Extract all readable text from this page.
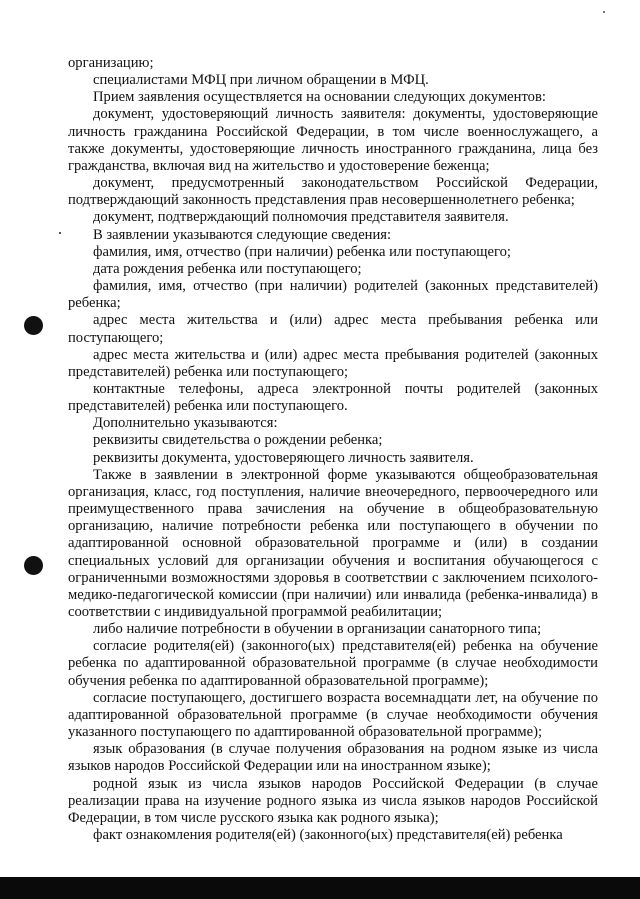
организацию;

специалистами МФЦ при личном обращении в МФЦ.

Прием заявления осуществляется на основании следующих документов:

документ, удостоверяющий личность заявителя: документы, удостоверяющие личность гражданина Российской Федерации, в том числе военнослужащего, а также документы, удостоверяющие личность иностранного гражданина, лица без гражданства, включая вид на жительство и удостоверение беженца;

документ, предусмотренный законодательством Российской Федерации, подтверждающий законность представления прав несовершеннолетнего ребенка;

документ, подтверждающий полномочия представителя заявителя.

В заявлении указываются следующие сведения:

фамилия, имя, отчество (при наличии) ребенка или поступающего;

дата рождения ребенка или поступающего;

фамилия, имя, отчество (при наличии) родителей (законных представителей) ребенка;

адрес места жительства и (или) адрес места пребывания ребенка или поступающего;

адрес места жительства и (или) адрес места пребывания родителей (законных представителей) ребенка или поступающего;

контактные телефоны, адреса электронной почты родителей (законных представителей) ребенка или поступающего.

Дополнительно указываются:

реквизиты свидетельства о рождении ребенка;

реквизиты документа, удостоверяющего личность заявителя.

Также в заявлении в электронной форме указываются общеобразовательная организация, класс, год поступления, наличие внеочередного, первоочередного или преимущественного права зачисления на обучение в общеобразовательную организацию, наличие потребности ребенка или поступающего в обучении по адаптированной основной образовательной программе и (или) в создании специальных условий для организации обучения и воспитания обучающегося с ограниченными возможностями здоровья в соответствии с заключением психолого-медико-педагогической комиссии (при наличии) или инвалида (ребенка-инвалида) в соответствии с индивидуальной программой реабилитации;

либо наличие потребности в обучении в организации санаторного типа;

согласие родителя(ей) (законного(ых) представителя(ей) ребенка на обучение ребенка по адаптированной образовательной программе (в случае необходимости обучения ребенка по адаптированной образовательной программе);

согласие поступающего, достигшего возраста восемнадцати лет, на обучение по адаптированной образовательной программе (в случае необходимости обучения указанного поступающего по адаптированной образовательной программе);

язык образования (в случае получения образования на родном языке из числа языков народов Российской Федерации или на иностранном языке);

родной язык из числа языков народов Российской Федерации (в случае реализации права на изучение родного языка из числа языков народов Российской Федерации, в том числе русского языка как родного языка);

факт ознакомления родителя(ей) (законного(ых) представителя(ей) ребенка
